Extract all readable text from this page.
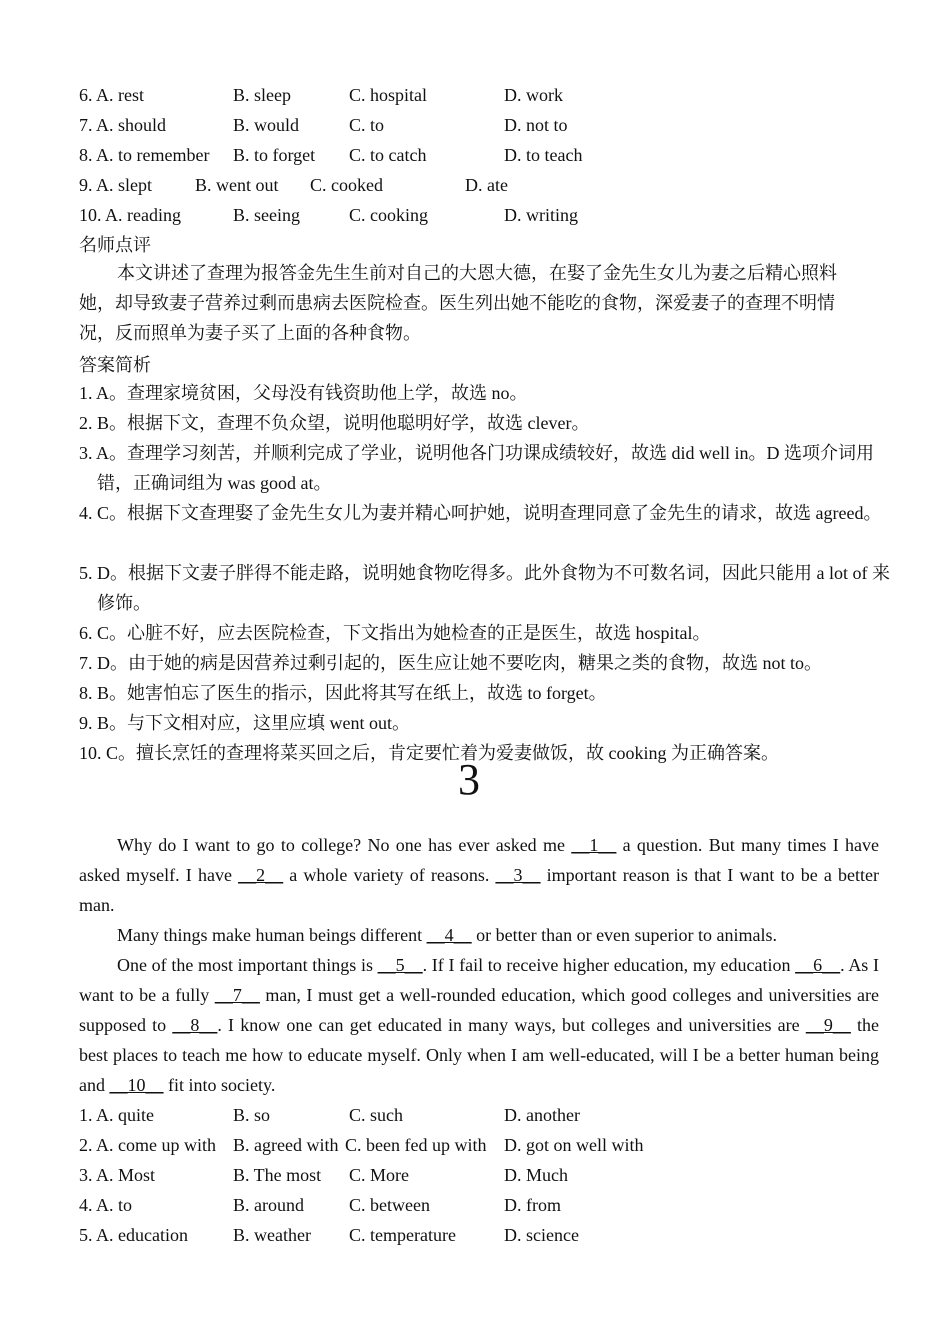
6. A. rest	B. sleep	C. hospital	D. work
7. A. should	B. would	C. to	D. not to
8. A. to remember B. to forget C. to catch	D. to teach
9. A. slept B. went out C. cooked	D. ate
10. A. reading	B. seeing	C. cooking	D. writing
名师点评
本文讲述了查理为报答金先生生前对自己的大恩大德，在娶了金先生女儿为妻之后精心照料她，却导致妻子营养过剩而患病去医院检查。医生列出她不能吃的食物，深爱妻子的查理不明情况，反而照单为妻子买了上面的各种食物。
答案简析
1. A。查理家境贫困，父母没有钱资助他上学，故选 no。
2. B。根据下文，查理不负众望，说明他聪明好学，故选 clever。
3. A。查理学习刻苦，并顺利完成了学业，说明他各门功课成绩较好，故选 did well in。D 选项介词用错，正确词组为 was good at。
4. C。根据下文查理娶了金先生女儿为妻并精心呵护她，说明查理同意了金先生的请求，故选 agreed。
5. D。根据下文妻子胖得不能走路，说明她食物吃得多。此外食物为不可数名词，因此只能用 a lot of 来修饰。
6. C。心脏不好，应去医院检查，下文指出为她检查的正是医生，故选 hospital。
7. D。由于她的病是因营养过剩引起的，医生应让她不要吃肉，糖果之类的食物，故选 not to。
8. B。她害怕忘了医生的指示，因此将其写在纸上，故选 to forget。
9. B。与下文相对应，这里应填 went out。
10. C。擅长烹饪的查理将菜买回之后，肯定要忙着为爱妻做饭，故 cooking 为正确答案。
3
Why do I want to go to college? No one has ever asked me __1__ a question. But many times I have asked myself. I have __2__ a whole variety of reasons. __3__ important reason is that I want to be a better man.
Many things make human beings different __4__ or better than or even superior to animals.
One of the most important things is __5__. If I fail to receive higher education, my education __6__. As I want to be a fully __7__ man, I must get a well-rounded education, which good colleges and universities are supposed to __8__. I know one can get educated in many ways, but colleges and universities are __9__ the best places to teach me how to educate myself. Only when I am well-educated, will I be a better human being and __10__ fit into society.
1. A. quite	B. so	C. such	D. another
2. A. come up with B. agreed with C. been fed up with D. got on well with
3. A. Most	B. The most C. More	D. Much
4. A. to	B. around	C. between	D. from
5. A. education	B. weather C. temperature	D. science
